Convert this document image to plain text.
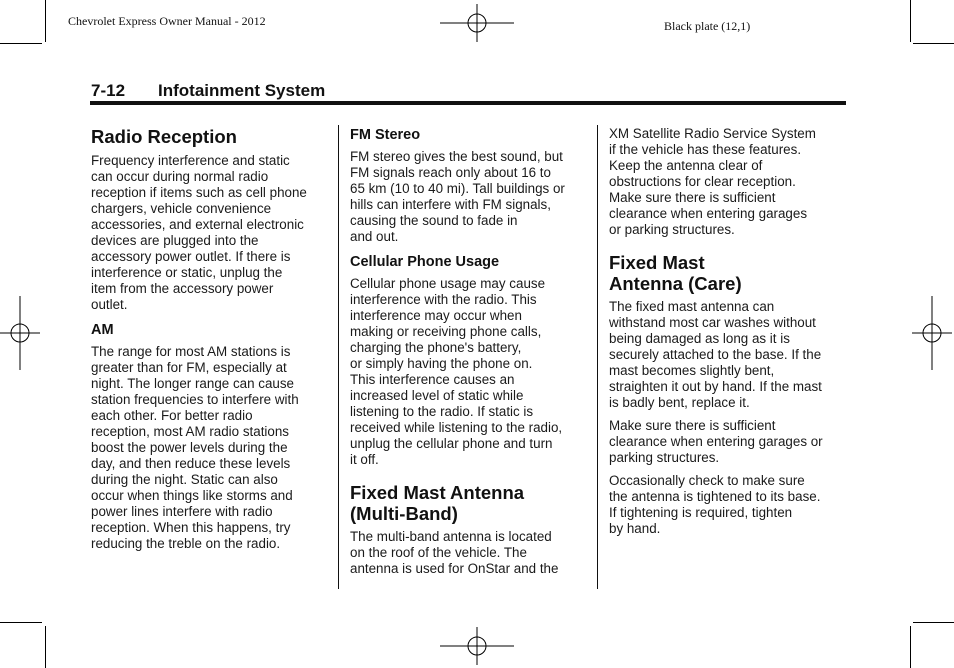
Chevrolet Express Owner Manual - 2012	Black plate (12,1)
7-12 Infotainment System
Radio Reception

Frequency interference and static
can occur during normal radio
reception if items such as cell phone
chargers, vehicle convenience
accessories, and external electronic
devices are plugged into the
accessory power outlet. If there is
interference or static, unplug the
item from the accessory power
outlet.

AM

The range for most AM stations is
greater than for FM, especially at
night. The longer range can cause
station frequencies to interfere with
each other. For better radio
reception, most AM radio stations
boost the power levels during the
day, and then reduce these levels
during the night. Static can also
occur when things like storms and
power lines interfere with radio
reception. When this happens, try
reducing the treble on the radio.

FM Stereo

FM stereo gives the best sound, but
FM signals reach only about 16 to
65 km (10 to 40 mi). Tall buildings or
hills can interfere with FM signals,
causing the sound to fade in
and out.

Cellular Phone Usage

Cellular phone usage may cause
interference with the radio. This
interference may occur when
making or receiving phone calls,
charging the phone's battery,
or simply having the phone on.
This interference causes an
increased level of static while
listening to the radio. If static is
received while listening to the radio,
unplug the cellular phone and turn
it off.

Fixed Mast Antenna
(Multi-Band)

The multi-band antenna is located
on the roof of the vehicle. The
antenna is used for OnStar and the

XM Satellite Radio Service System
if the vehicle has these features.
Keep the antenna clear of
obstructions for clear reception.
Make sure there is sufficient
clearance when entering garages
or parking structures.

Fixed Mast
Antenna (Care)

The fixed mast antenna can
withstand most car washes without
being damaged as long as it is
securely attached to the base. If the
mast becomes slightly bent,
straighten it out by hand. If the mast
is badly bent, replace it.

Make sure there is sufficient
clearance when entering garages or
parking structures.

Occasionally check to make sure
the antenna is tightened to its base.
If tightening is required, tighten
by hand.
